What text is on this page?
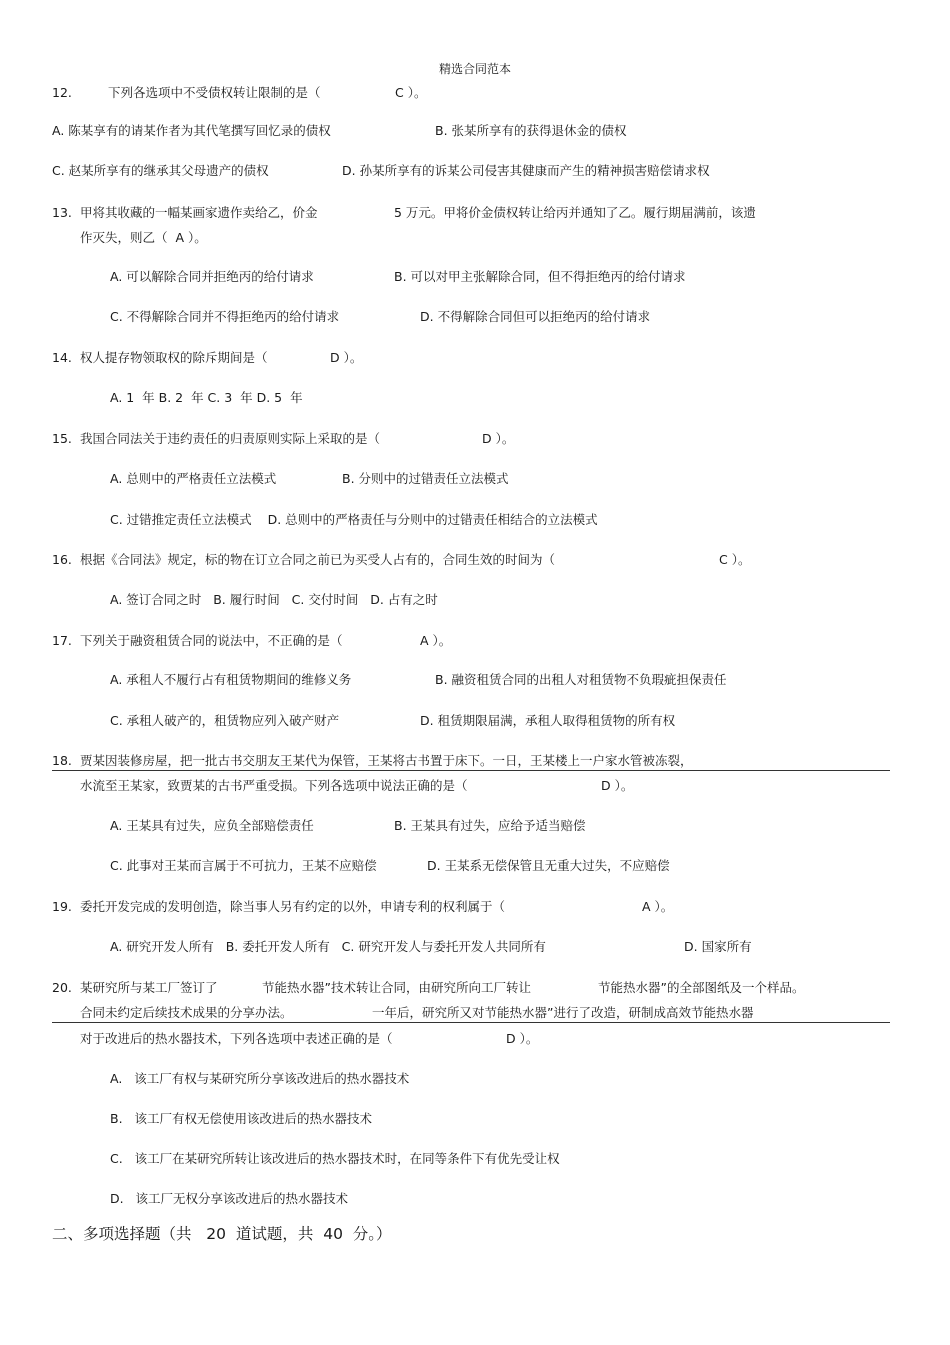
精选合同范本
12.	下列各选项中不受债权转让限制的是（	C ）。
A. 陈某享有的请某作者为其代笔撰写回忆录的债权	B. 张某所享有的获得退休金的债权
C. 赵某所享有的继承其父母遗产的债权	D. 孙某所享有的诉某公司侵害其健康而产生的精神损害赔偿请求权
13. 甲将其收藏的一幅某画家遗作卖给乙，价金	5 万元。甲将价金债权转让给丙并通知了乙。履行期届满前，该遗
作灭失，则乙（  A ）。
A. 可以解除合同并拒绝丙的给付请求	B. 可以对甲主张解除合同，但不得拒绝丙的给付请求
C. 不得解除合同并不得拒绝丙的给付请求	D. 不得解除合同但可以拒绝丙的给付请求
14. 权人提存物领取权的除斥期间是（	D ）。
A. 1  年 B. 2  年 C. 3  年 D. 5  年
15. 我国合同法关于违约责任的归责原则实际上采取的是（	D ）。
A. 总则中的严格责任立法模式	B. 分则中的过错责任立法模式
C. 过错推定责任立法模式    D. 总则中的严格责任与分则中的过错责任相结合的立法模式
16. 根据《合同法》规定，标的物在订立合同之前已为买受人占有的，合同生效的时间为（	C ）。
A. 签订合同之时   B. 履行时间   C. 交付时间   D. 占有之时
17. 下列关于融资租赁合同的说法中，不正确的是（	A ）。
A. 承租人不履行占有租赁物期间的维修义务	B. 融资租赁合同的出租人对租赁物不负瑕疵担保责任
C. 承租人破产的，租赁物应列入破产财产	D. 租赁期限届满，承租人取得租赁物的所有权
18. 贾某因装修房屋，把一批古书交朋友王某代为保管，王某将古书置于床下。一日，王某楼上一户家水管被冻裂，
水流至王某家，致贾某的古书严重受损。下列各选项中说法正确的是（	D ）。
A. 王某具有过失，应负全部赔偿责任	B. 王某具有过失，应给予适当赔偿
C. 此事对王某而言属于不可抗力，王某不应赔偿	D. 王某系无偿保管且无重大过失，不应赔偿
19. 委托开发完成的发明创造，除当事人另有约定的以外，申请专利的权利属于（	A ）。
A. 研究开发人所有   B. 委托开发人所有   C. 研究开发人与委托开发人共同所有	D. 国家所有
20. 某研究所与某工厂签订了	节能热水器”技术转让合同，由研究所向工厂转让	节能热水器”的全部图纸及一个样品。
合同未约定后续技术成果的分享办法。	一年后，研究所又对节能热水器”进行了改造，研制成高效节能热水器
对于改进后的热水器技术，下列各选项中表述正确的是（	D ）。
A.   该工厂有权与某研究所分享该改进后的热水器技术
B.   该工厂有权无偿使用该改进后的热水器技术
C.   该工厂在某研究所转让该改进后的热水器技术时，在同等条件下有优先受让权
D.   该工厂无权分享该改进后的热水器技术
二、多项选择题（共   20  道试题，共  40  分。）
